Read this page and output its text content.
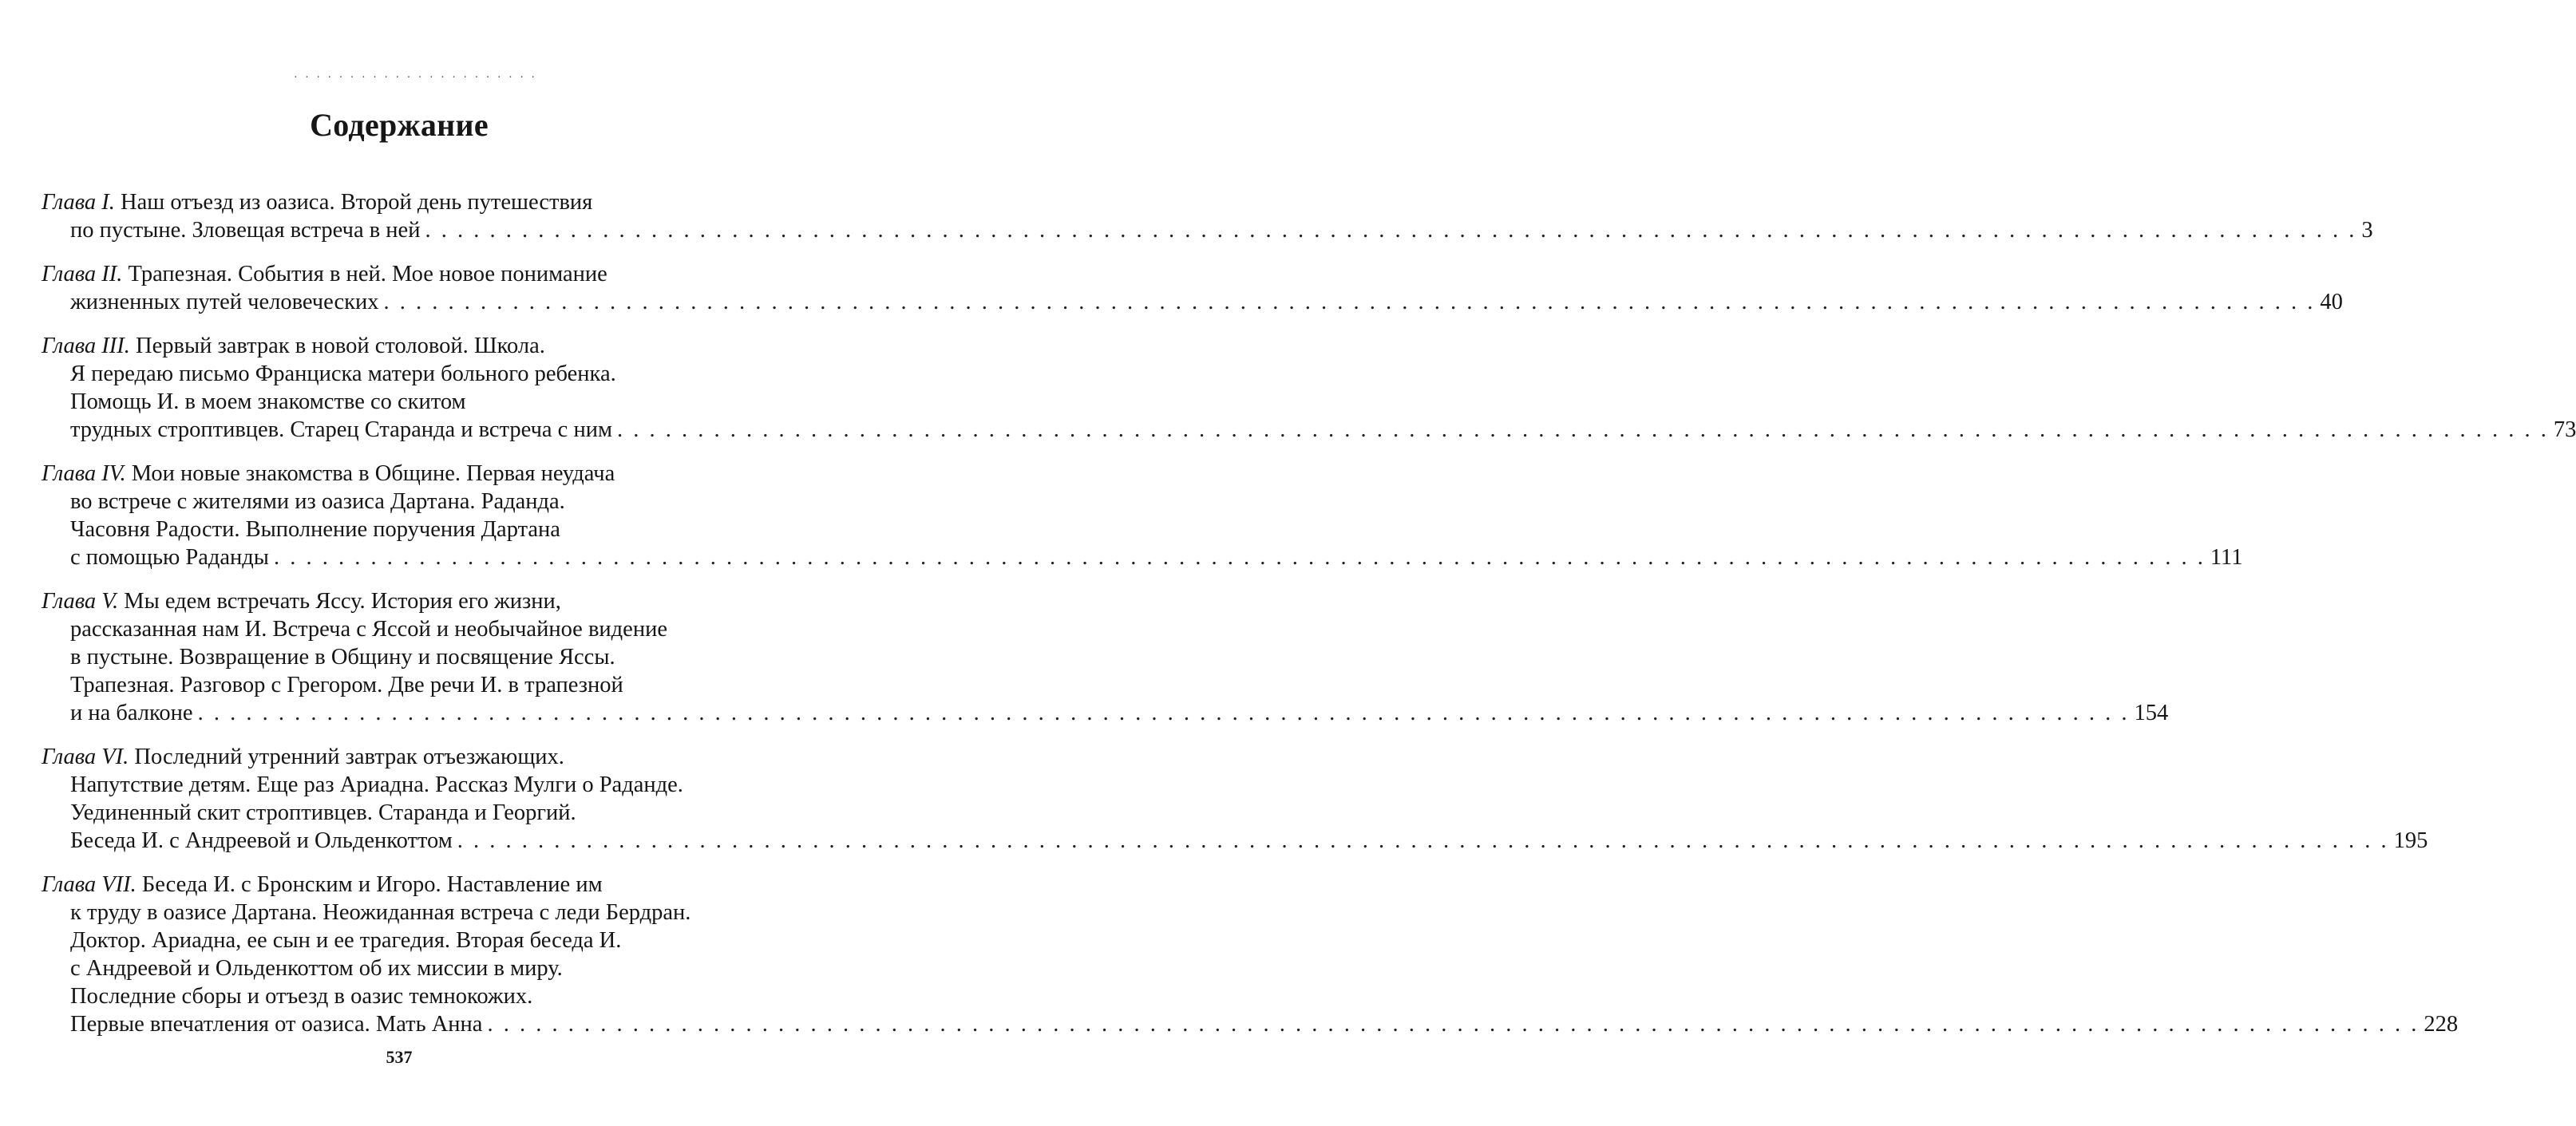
· · · · · · · · · · · · · · · · · · · · · ·
Содержание
Глава I. Наш отъезд из оазиса. Второй день путешествия
по пустыне. Зловещая встреча в ней . . . . . . . . . . . . . . . . . . . . . . . . . . . . . . . . . . . . . . . . . . . . . . . . . . . . . . . . . . . . . . . . . . . . . . . . . . . . . . . . . . . . . . . . . . . . . . . . . . . . . . . . . . . . . . . . . . . . . . . . 3
Глава II. Трапезная. События в ней. Мое новое понимание
жизненных путей человеческих . . . . . . . . . . . . . . . . . . . . . . . . . . . . . . . . . . . . . . . . . . . . . . . . . . . . . . . . . . . . . . . . . . . . . . . . . . . . . . . . . . . . . . . . . . . . . . . . . . . . . . . . . . . . . . . . . . . . . . . . 40
Глава III. Первый завтрак в новой столовой. Школа.
Я передаю письмо Франциска матери больного ребенка.
Помощь И. в моем знакомстве со скитом
трудных строптивцев. Старец Старанда и встреча с ним . . . . . . . . . . . . . . . . . . . . . . . . . . . . . . . . . . . . . . . . . . . . . . . . . . . . . . . . . . . . . . . . . . . . . . . . . . . . . . . . . . . . . . . . . . . . . . . . . . . . . . . . . . . . . . . . . . . . . . . . 73
Глава IV. Мои новые знакомства в Общине. Первая неудача
во встрече с жителями из оазиса Дартана. Раданда.
Часовня Радости. Выполнение поручения Дартана
с помощью Раданды . . . . . . . . . . . . . . . . . . . . . . . . . . . . . . . . . . . . . . . . . . . . . . . . . . . . . . . . . . . . . . . . . . . . . . . . . . . . . . . . . . . . . . . . . . . . . . . . . . . . . . . . . . . . . . . . . . . . . . . . 111
Глава V. Мы едем встречать Яссу. История его жизни,
рассказанная нам И. Встреча с Яссой и необычайное видение
в пустыне. Возвращение в Общину и посвящение Яссы.
Трапезная. Разговор с Грегором. Две речи И. в трапезной
и на балконе . . . . . . . . . . . . . . . . . . . . . . . . . . . . . . . . . . . . . . . . . . . . . . . . . . . . . . . . . . . . . . . . . . . . . . . . . . . . . . . . . . . . . . . . . . . . . . . . . . . . . . . . . . . . . . . . . . . . . . . . 154
Глава VI. Последний утренний завтрак отъезжающих.
Напутствие детям. Еще раз Ариадна. Рассказ Мулги о Раданде.
Уединенный скит строптивцев. Старанда и Георгий.
Беседа И. с Андреевой и Ольденкоттом . . . . . . . . . . . . . . . . . . . . . . . . . . . . . . . . . . . . . . . . . . . . . . . . . . . . . . . . . . . . . . . . . . . . . . . . . . . . . . . . . . . . . . . . . . . . . . . . . . . . . . . . . . . . . . . . . . . . . . . . 195
Глава VII. Беседа И. с Бронским и Игоро. Наставление им
к труду в оазисе Дартана. Неожиданная встреча с леди Бердран.
Доктор. Ариадна, ее сын и ее трагедия. Вторая беседа И.
с Андреевой и Ольденкоттом об их миссии в миру.
Последние сборы и отъезд в оазис темнокожих.
Первые впечатления от оазиса. Мать Анна . . . . . . . . . . . . . . . . . . . . . . . . . . . . . . . . . . . . . . . . . . . . . . . . . . . . . . . . . . . . . . . . . . . . . . . . . . . . . . . . . . . . . . . . . . . . . . . . . . . . . . . . . . . . . . . . . . . . . . . . 228
537
